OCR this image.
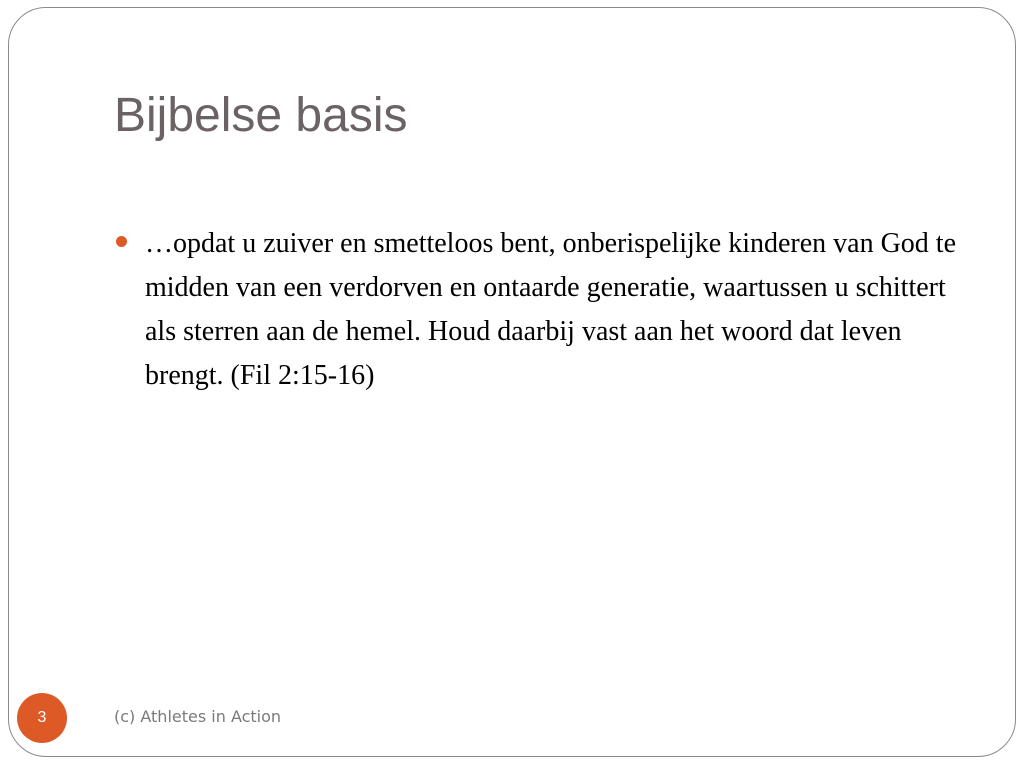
Bijbelse basis
…opdat u zuiver en smetteloos bent, onberispelijke kinderen van God te midden van een verdorven en ontaarde generatie, waartussen u schittert als sterren aan de hemel. Houd daarbij vast aan het woord dat leven brengt. (Fil 2:15-16)
3	(c) Athletes in Action
